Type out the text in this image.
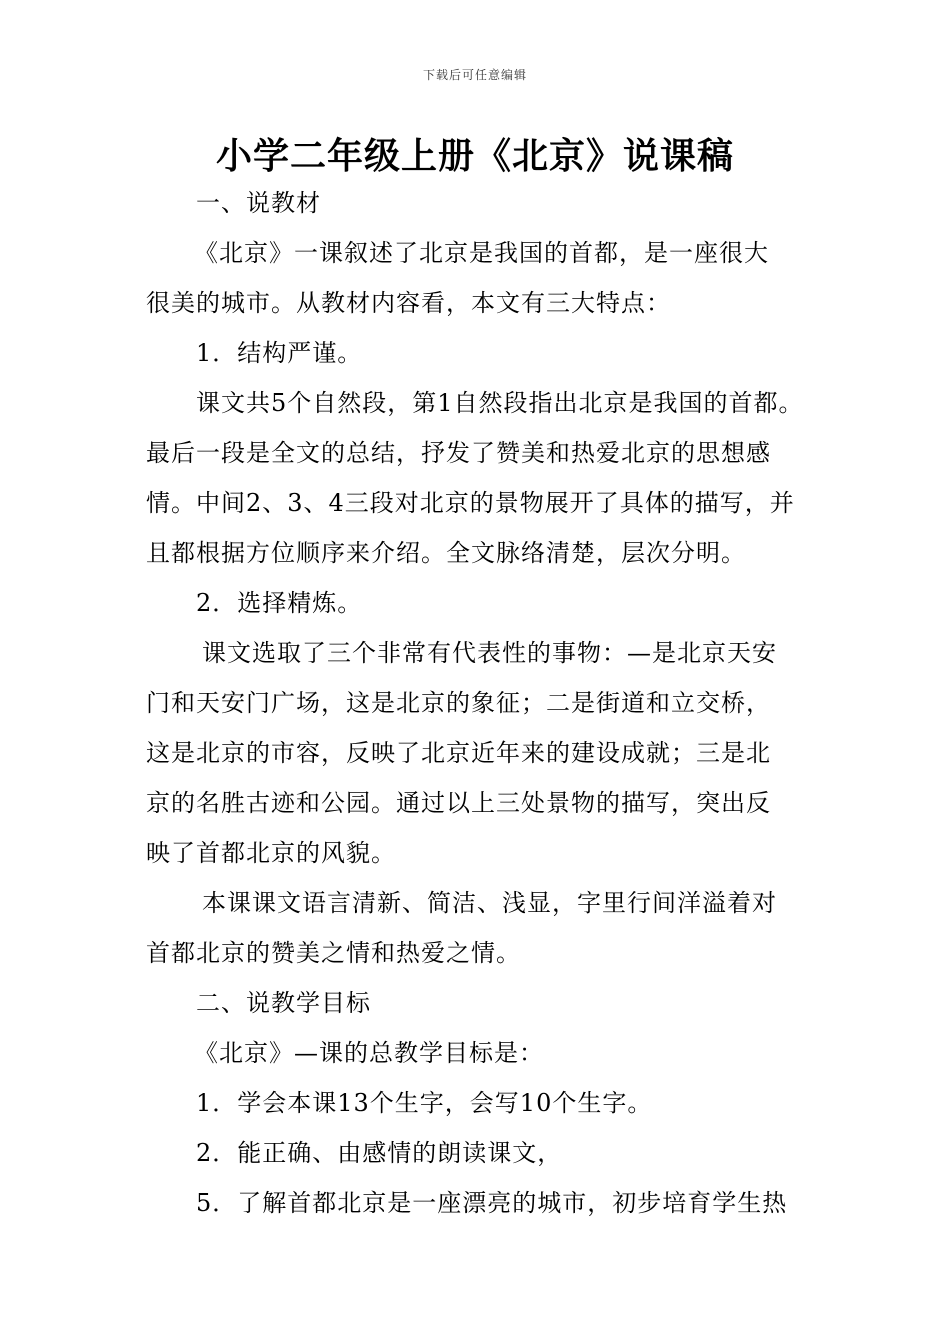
下载后可任意编辑
小学二年级上册《北京》说课稿

一、说教材

《北京》一课叙述了北京是我国的首都，是一座很大

很美的城市。从教材内容看，本文有三大特点：

1．结构严谨。

课文共5个自然段，第1自然段指出北京是我国的首都。

最后一段是全文的总结，抒发了赞美和热爱北京的思想感

情。中间2、3、4三段对北京的景物展开了具体的描写，并

且都根据方位顺序来介绍。全文脉络清楚，层次分明。

2．选择精炼。

课文选取了三个非常有代表性的事物：—是北京天安

门和天安门广场，这是北京的象征；二是街道和立交桥，

这是北京的市容，反映了北京近年来的建设成就；三是北

京的名胜古迹和公园。通过以上三处景物的描写，突出反

映了首都北京的风貌。

本课课文语言清新、简洁、浅显，字里行间洋溢着对

首都北京的赞美之情和热爱之情。

二、说教学目标

《北京》—课的总教学目标是：

1．学会本课13个生字，会写10个生字。

2．能正确、由感情的朗读课文，

5．了解首都北京是一座漂亮的城市，初步培育学生热
